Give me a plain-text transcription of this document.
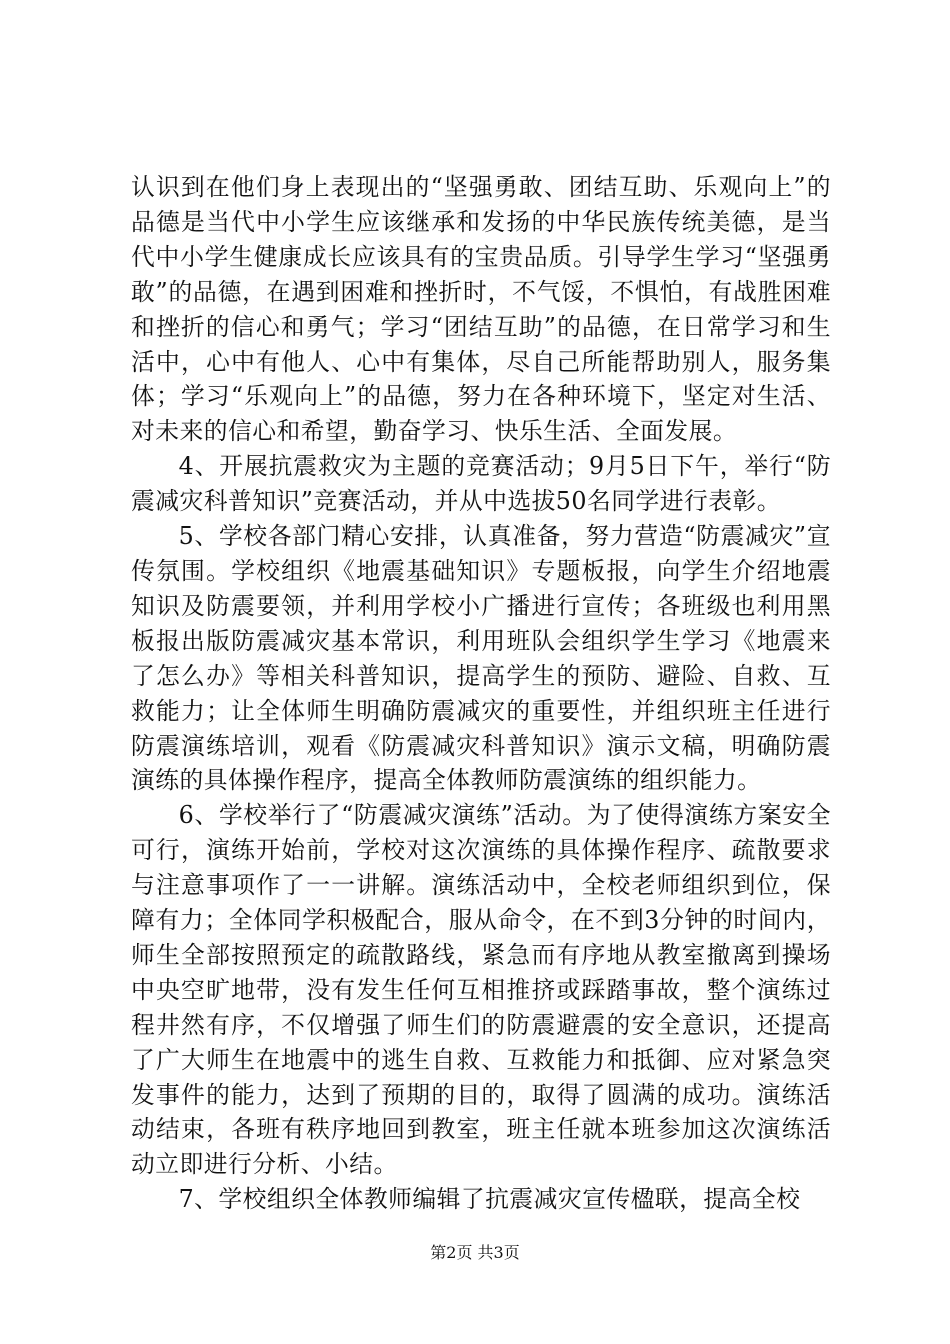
认识到在他们身上表现出的“坚强勇敢、团结互助、乐观向上”的品德是当代中小学生应该继承和发扬的中华民族传统美德，是当代中小学生健康成长应该具有的宝贵品质。引导学生学习“坚强勇敢”的品德，在遇到困难和挫折时，不气馁，不惧怕，有战胜困难和挫折的信心和勇气；学习“团结互助”的品德，在日常学习和生活中，心中有他人、心中有集体，尽自己所能帮助别人，服务集体；学习“乐观向上”的品德，努力在各种环境下，坚定对生活、对未来的信心和希望，勤奋学习、快乐生活、全面发展。

4、开展抗震救灾为主题的竞赛活动；9月5日下午，举行“防震减灾科普知识”竞赛活动，并从中选拔50名同学进行表彰。

5、学校各部门精心安排，认真准备，努力营造“防震减灾”宣传氛围。学校组织《地震基础知识》专题板报，向学生介绍地震知识及防震要领，并利用学校小广播进行宣传；各班级也利用黑板报出版防震减灾基本常识，利用班队会组织学生学习《地震来了怎么办》等相关科普知识，提高学生的预防、避险、自救、互救能力；让全体师生明确防震减灾的重要性，并组织班主任进行防震演练培训，观看《防震减灾科普知识》演示文稿，明确防震演练的具体操作程序，提高全体教师防震演练的组织能力。

6、学校举行了“防震减灾演练”活动。为了使得演练方案安全可行，演练开始前，学校对这次演练的具体操作程序、疏散要求与注意事项作了一一讲解。演练活动中，全校老师组织到位，保障有力；全体同学积极配合，服从命令，在不到3分钟的时间内，师生全部按照预定的疏散路线，紧急而有序地从教室撤离到操场中央空旷地带，没有发生任何互相推挤或踩踏事故，整个演练过程井然有序，不仅增强了师生们的防震避震的安全意识，还提高了广大师生在地震中的逃生自救、互救能力和抵御、应对紧急突发事件的能力，达到了预期的目的，取得了圆满的成功。演练活动结束，各班有秩序地回到教室，班主任就本班参加这次演练活动立即进行分析、小结。

7、学校组织全体教师编辑了抗震减灾宣传楹联，提高全校

第2页 共3页
